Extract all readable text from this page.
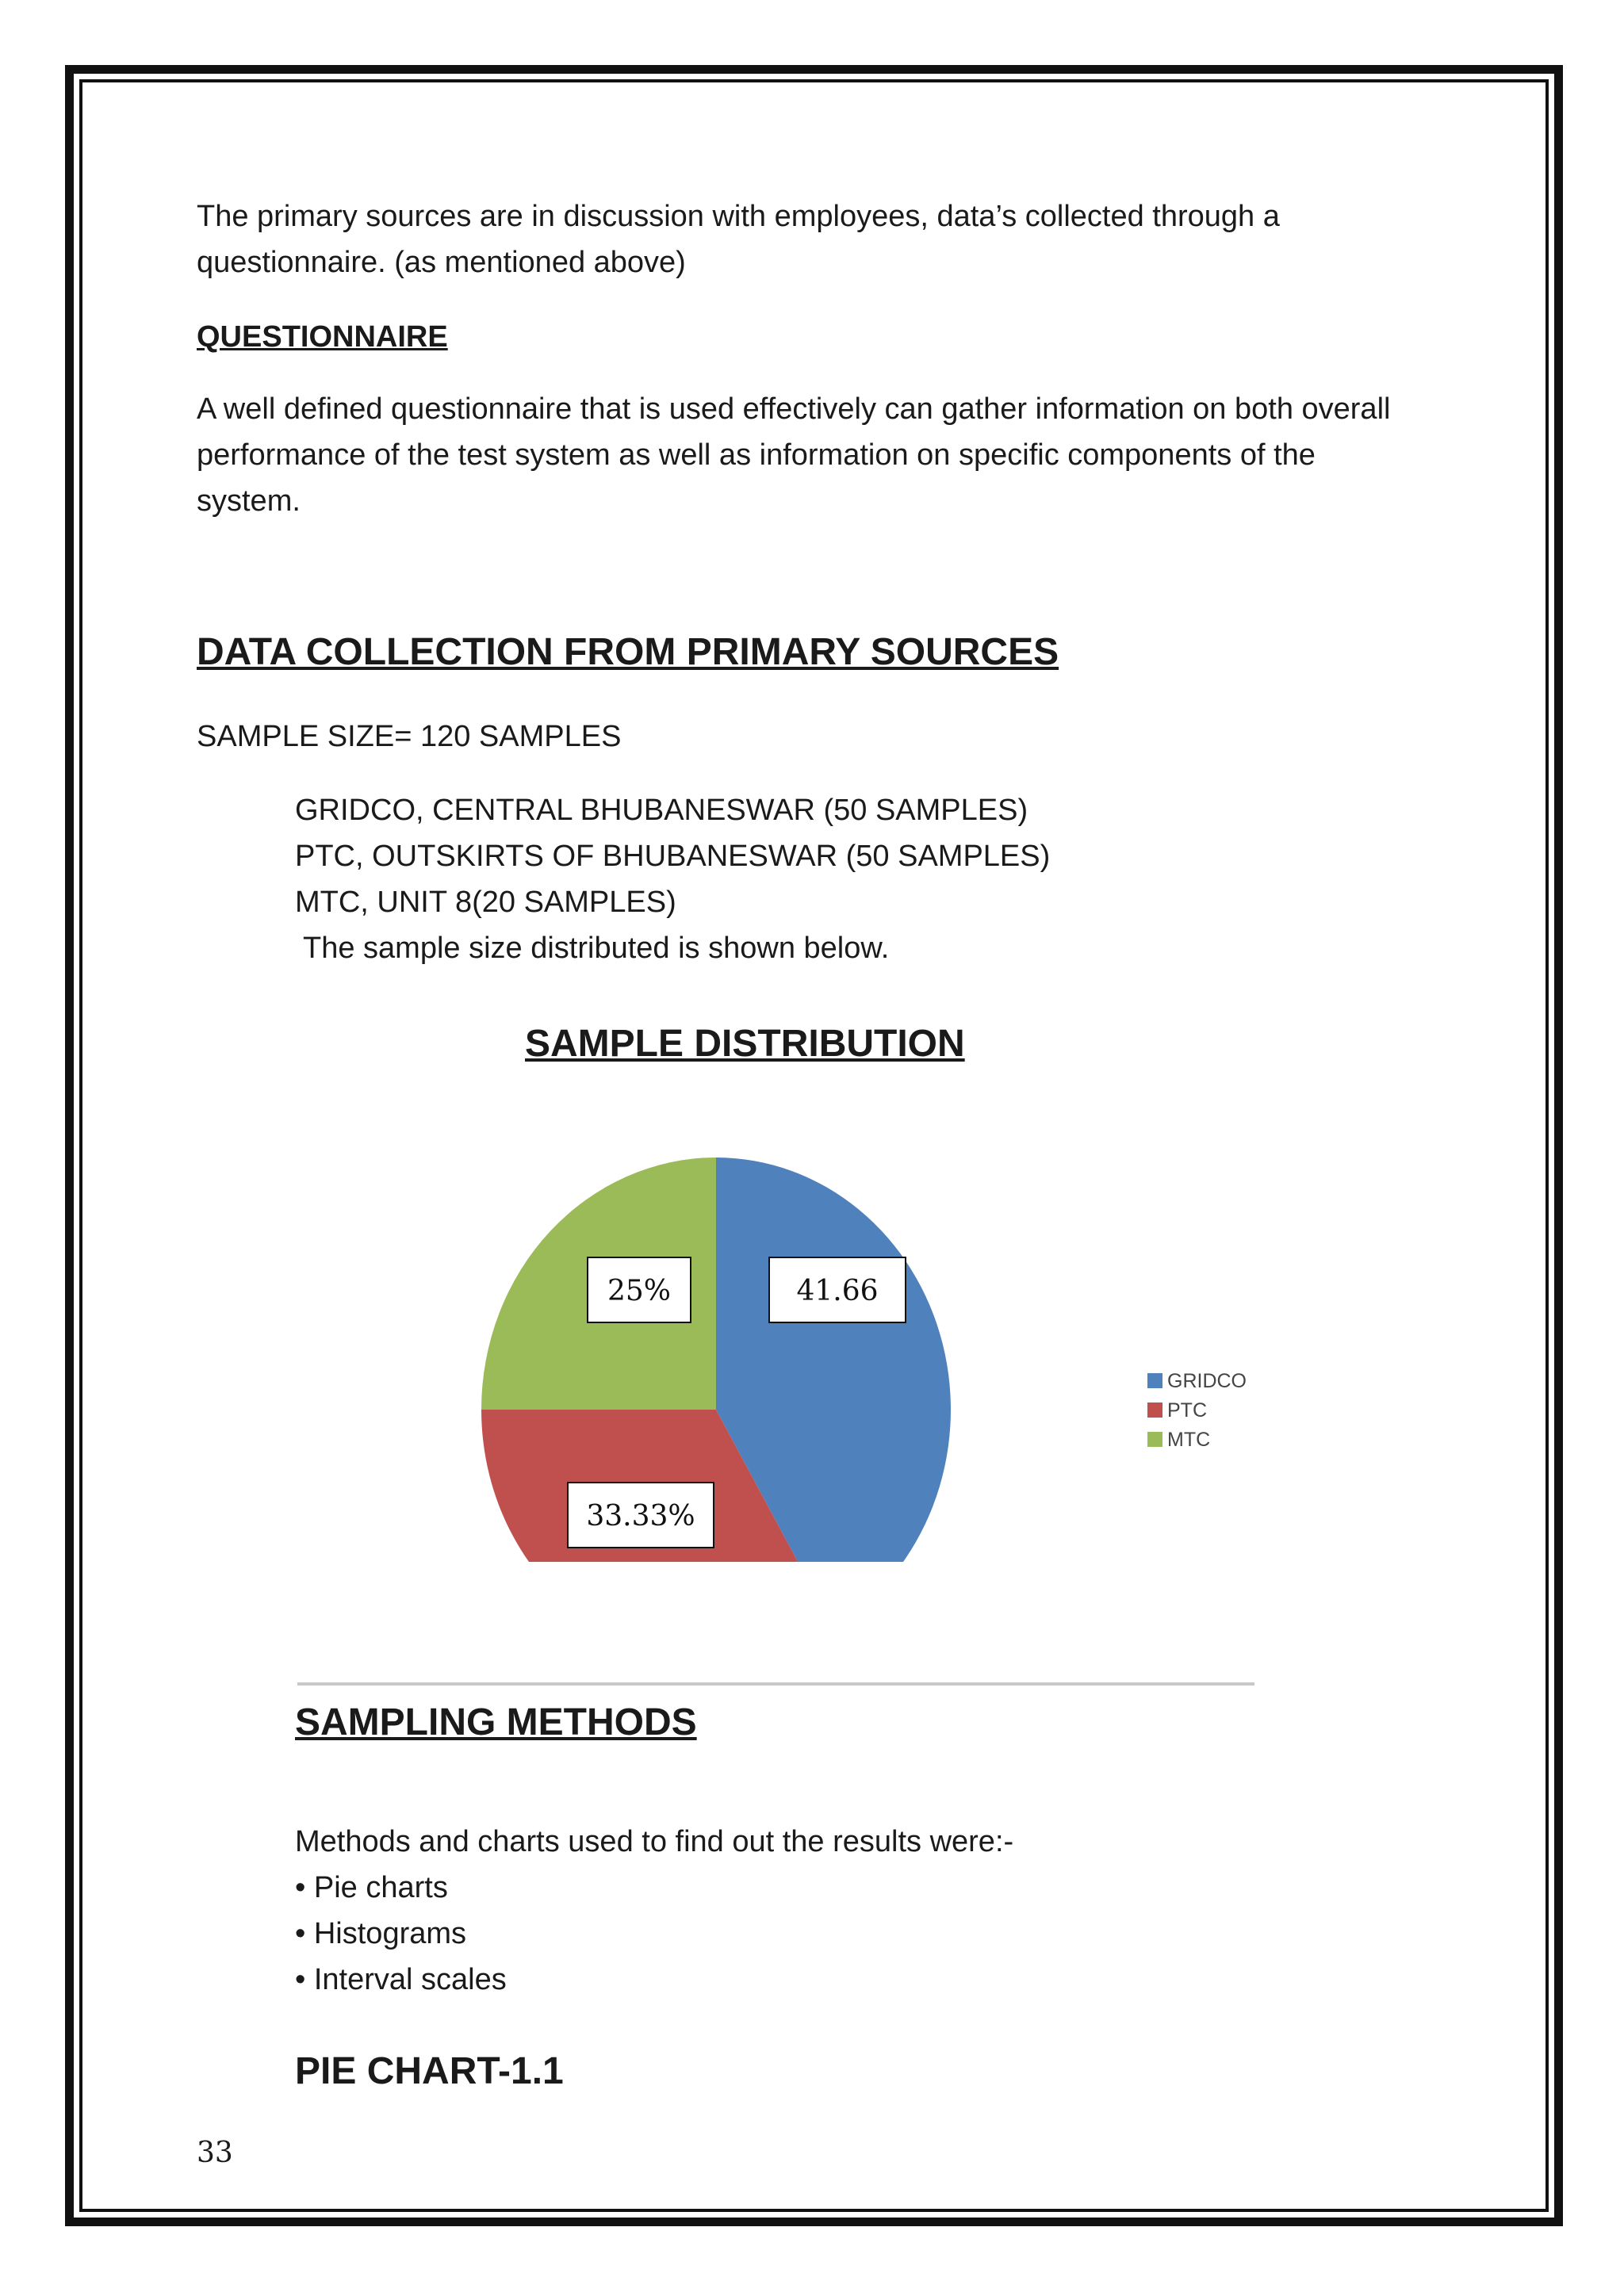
The primary sources are in discussion with employees, data’s collected through a
questionnaire. (as mentioned above)
QUESTIONNAIRE
A well defined questionnaire that is used effectively can gather information on both overall
performance of the test system as well as information on specific components of the
system.
DATA COLLECTION FROM PRIMARY SOURCES
SAMPLE SIZE= 120 SAMPLES
GRIDCO, CENTRAL BHUBANESWAR (50 SAMPLES)
PTC, OUTSKIRTS OF BHUBANESWAR (50 SAMPLES)
MTC, UNIT 8(20 SAMPLES)
The sample size distributed is shown below.
SAMPLE DISTRIBUTION
41.66
33.33%
25%
GRIDCO
PTC
MTC
SAMPLING METHODS
Methods and charts used to find out the results were:-
• Pie charts
• Histograms
• Interval scales
PIE CHART-1.1
33
